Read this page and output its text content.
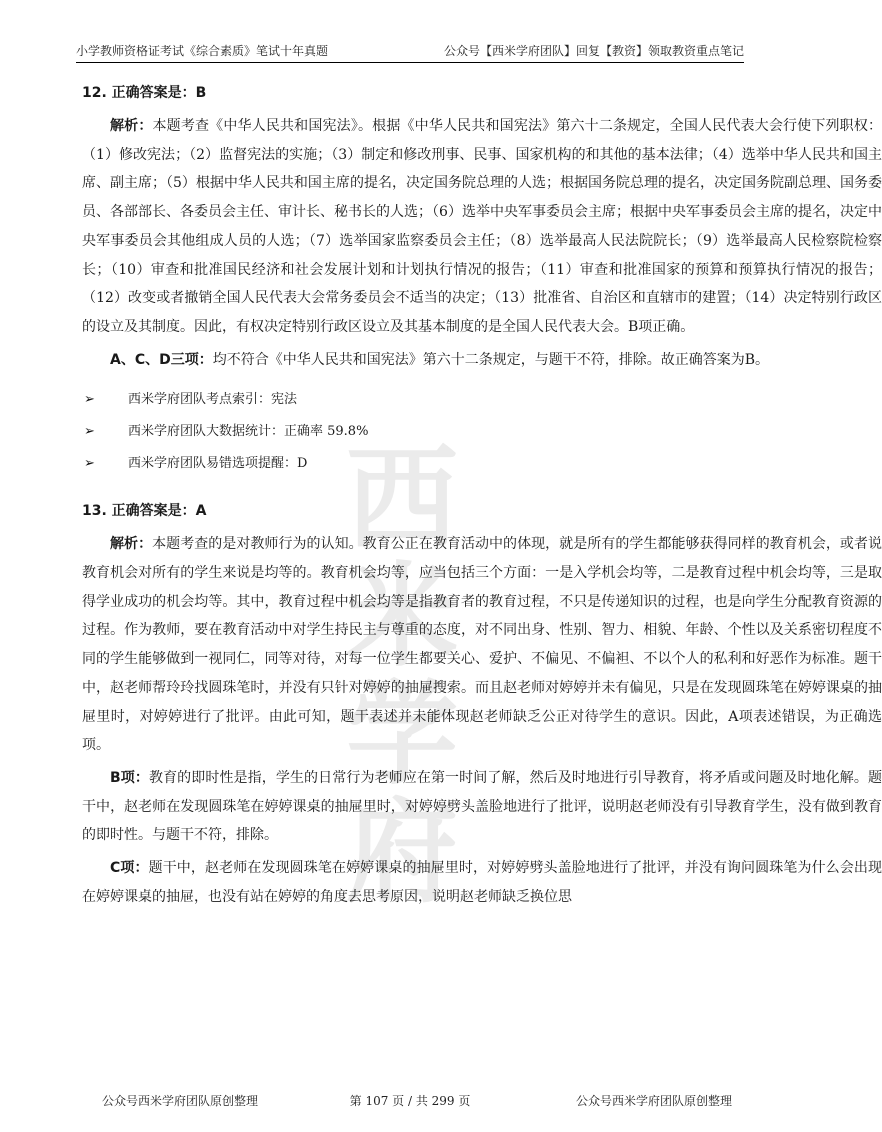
小学教师资格证考试《综合素质》笔试十年真题	公众号【西米学府团队】回复【教资】领取教资重点笔记
西米
学府
12. 正确答案是：B

解析：本题考查《中华人民共和国宪法》。根据《中华人民共和国宪法》第六十二条规定，全国人民代表大会行使下列职权：（1）修改宪法；（2）监督宪法的实施；（3）制定和修改刑事、民事、国家机构的和其他的基本法律；（4）选举中华人民共和国主席、副主席；（5）根据中华人民共和国主席的提名，决定国务院总理的人选；根据国务院总理的提名，决定国务院副总理、国务委员、各部部长、各委员会主任、审计长、秘书长的人选；（6）选举中央军事委员会主席；根据中央军事委员会主席的提名，决定中央军事委员会其他组成人员的人选；（7）选举国家监察委员会主任；（8）选举最高人民法院院长；（9）选举最高人民检察院检察长；（10）审查和批准国民经济和社会发展计划和计划执行情况的报告；（11）审查和批准国家的预算和预算执行情况的报告；（12）改变或者撤销全国人民代表大会常务委员会不适当的决定；（13）批准省、自治区和直辖市的建置；（14）决定特别行政区的设立及其制度。因此，有权决定特别行政区设立及其基本制度的是全国人民代表大会。B项正确。

A、C、D三项：均不符合《中华人民共和国宪法》第六十二条规定，与题干不符，排除。故正确答案为B。

➢	西米学府团队考点索引：宪法
➢	西米学府团队大数据统计：正确率 59.8%
➢	西米学府团队易错选项提醒：D
13. 正确答案是：A

解析：本题考查的是对教师行为的认知。教育公正在教育活动中的体现，就是所有的学生都能够获得同样的教育机会，或者说教育机会对所有的学生来说是均等的。教育机会均等，应当包括三个方面：一是入学机会均等，二是教育过程中机会均等，三是取得学业成功的机会均等。其中，教育过程中机会均等是指教育者的教育过程，不只是传递知识的过程，也是向学生分配教育资源的过程。作为教师，要在教育活动中对学生持民主与尊重的态度，对不同出身、性别、智力、相貌、年龄、个性以及关系密切程度不同的学生能够做到一视同仁，同等对待，对每一位学生都要关心、爱护、不偏见、不偏袒、不以个人的私利和好恶作为标准。题干中，赵老师帮玲玲找圆珠笔时，并没有只针对婷婷的抽屉搜索。而且赵老师对婷婷并未有偏见，只是在发现圆珠笔在婷婷课桌的抽屉里时，对婷婷进行了批评。由此可知，题干表述并未能体现赵老师缺乏公正对待学生的意识。因此，A项表述错误，为正确选项。

B项：教育的即时性是指，学生的日常行为老师应在第一时间了解，然后及时地进行引导教育，将矛盾或问题及时地化解。题干中，赵老师在发现圆珠笔在婷婷课桌的抽屉里时，对婷婷劈头盖脸地进行了批评，说明赵老师没有引导教育学生，没有做到教育的即时性。与题干不符，排除。

C项：题干中，赵老师在发现圆珠笔在婷婷课桌的抽屉里时，对婷婷劈头盖脸地进行了批评，并没有询问圆珠笔为什么会出现在婷婷课桌的抽屉，也没有站在婷婷的角度去思考原因，说明赵老师缺乏换位思

公众号西米学府团队原创整理	第 107 页 / 共 299 页	公众号西米学府团队原创整理
